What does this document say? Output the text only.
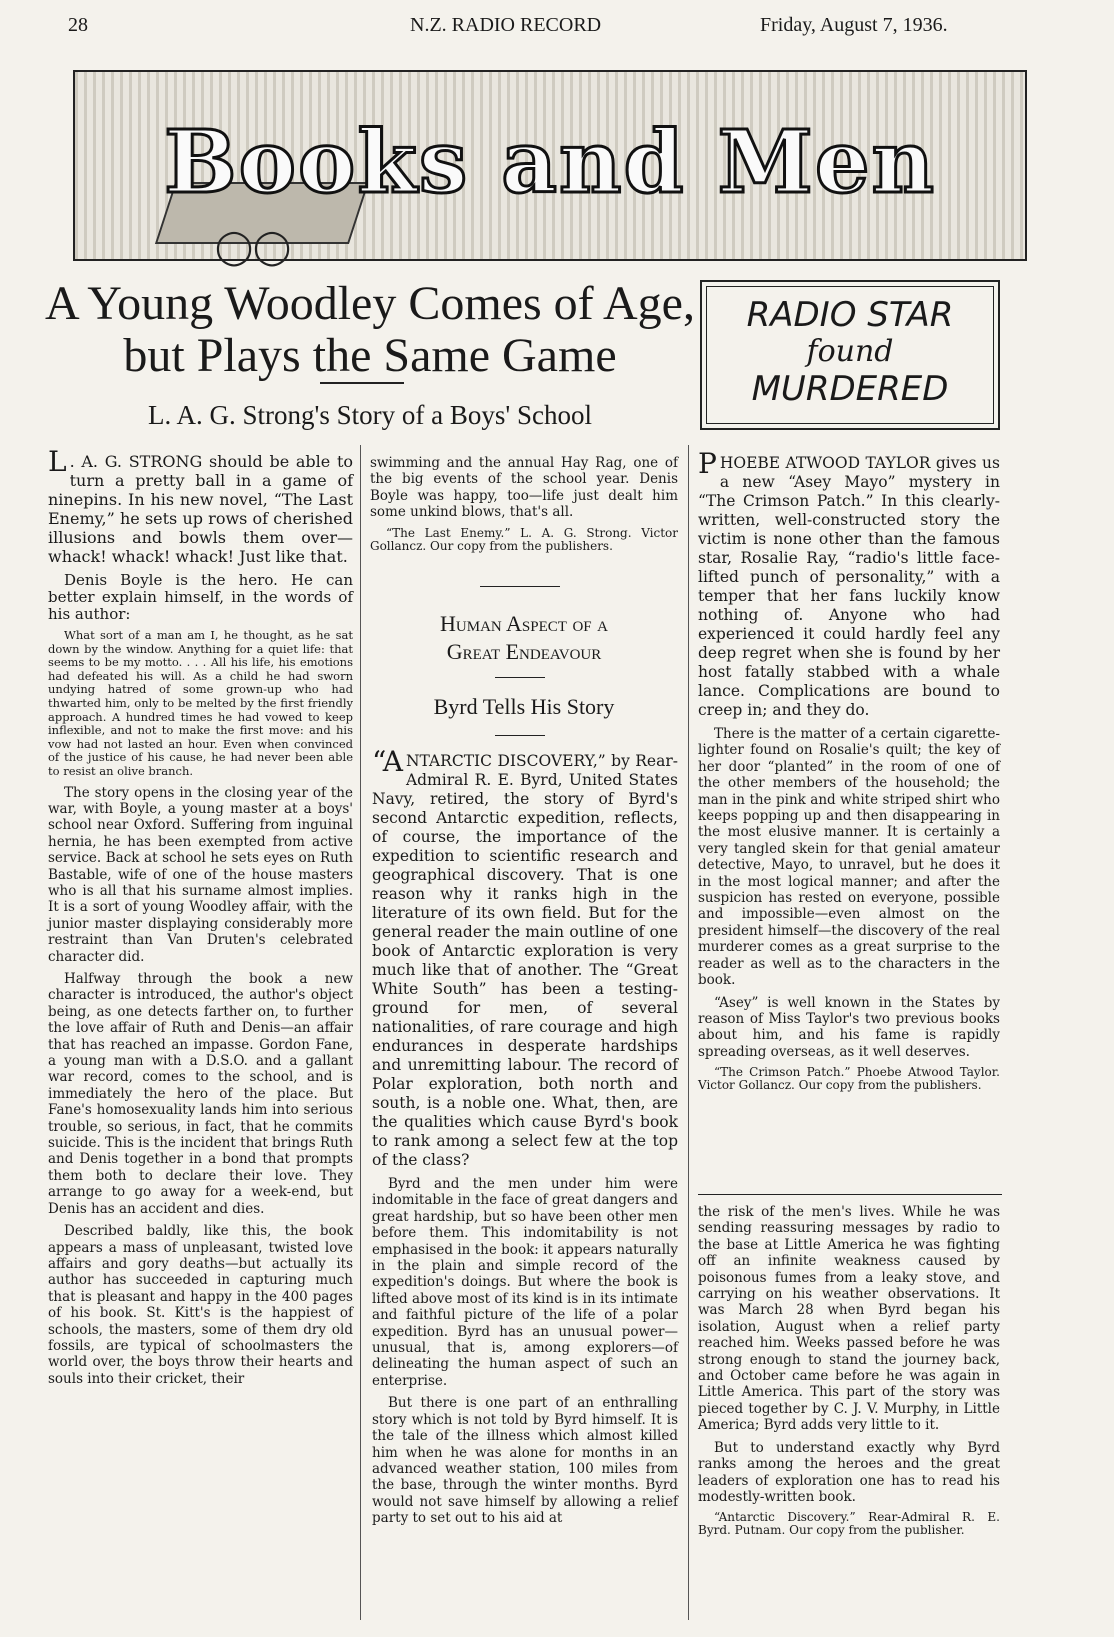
28	N.Z. RADIO RECORD	Friday, August 7, 1936.
◯◯
Books and Men
A Young Woodley Comes of Age,
but Plays the Same Game
L. A. G. Strong's Story of a Boys' School

L . A. G. STRONG should be able to turn a pretty ball in a game of ninepins. In his new novel, “The Last Enemy,” he sets up rows of cherished illusions and bowls them over—whack! whack! whack! Just like that.

Denis Boyle is the hero. He can better explain himself, in the words of his author:

What sort of a man am I, he thought, as he sat down by the window. Anything for a quiet life: that seems to be my motto. . . . All his life, his emotions had defeated his will. As a child he had sworn undying hatred of some grown-up who had thwarted him, only to be melted by the first friendly approach. A hundred times he had vowed to keep inflexible, and not to make the first move: and his vow had not lasted an hour. Even when convinced of the justice of his cause, he had never been able to resist an olive branch.

The story opens in the closing year of the war, with Boyle, a young master at a boys' school near Oxford. Suffering from inguinal hernia, he has been exempted from active service. Back at school he sets eyes on Ruth Bastable, wife of one of the house masters who is all that his surname almost implies. It is a sort of young Woodley affair, with the junior master displaying considerably more restraint than Van Druten's celebrated character did.

Halfway through the book a new character is introduced, the author's object being, as one detects farther on, to further the love affair of Ruth and Denis—an affair that has reached an impasse. Gordon Fane, a young man with a D.S.O. and a gallant war record, comes to the school, and is immediately the hero of the place. But Fane's homosexuality lands him into serious trouble, so serious, in fact, that he commits suicide. This is the incident that brings Ruth and Denis together in a bond that prompts them both to declare their love. They arrange to go away for a week-end, but Denis has an accident and dies.

Described baldly, like this, the book appears a mass of unpleasant, twisted love affairs and gory deaths—but actually its author has succeeded in capturing much that is pleasant and happy in the 400 pages of his book. St. Kitt's is the happiest of schools, the masters, some of them dry old fossils, are typical of schoolmasters the world over, the boys throw their hearts and souls into their cricket, their

swimming and the annual Hay Rag, one of the big events of the school year. Denis Boyle was happy, too—life just dealt him some unkind blows, that's all.

“The Last Enemy.” L. A. G. Strong. Victor Gollancz. Our copy from the publishers.
Human Aspect of a
Great Endeavour
Byrd Tells His Story

“ANTARCTIC DISCOVERY,” by Rear-Admiral R. E. Byrd, United States Navy, retired, the story of Byrd's second Antarctic expedition, reflects, of course, the importance of the expedition to scientific research and geographical discovery. That is one reason why it ranks high in the literature of its own field. But for the general reader the main outline of one book of Antarctic exploration is very much like that of another. The “Great White South” has been a testing-ground for men, of several nationalities, of rare courage and high endurances in desperate hardships and unremitting labour. The record of Polar exploration, both north and south, is a noble one. What, then, are the qualities which cause Byrd's book to rank among a select few at the top of the class?

Byrd and the men under him were indomitable in the face of great dangers and great hardship, but so have been other men before them. This indomitability is not emphasised in the book: it appears naturally in the plain and simple record of the expedition's doings. But where the book is lifted above most of its kind is in its intimate and faithful picture of the life of a polar expedition. Byrd has an unusual power—unusual, that is, among explorers—of delineating the human aspect of such an enterprise.

But there is one part of an enthralling story which is not told by Byrd himself. It is the tale of the illness which almost killed him when he was alone for months in an advanced weather station, 100 miles from the base, through the winter months. Byrd would not save himself by allowing a relief party to set out to his aid at

RADIO STAR
found
MURDERED

PHOEBE ATWOOD TAYLOR gives us a new “Asey Mayo” mystery in “The Crimson Patch.” In this clearly-written, well-constructed story the victim is none other than the famous star, Rosalie Ray, “radio's little face-lifted punch of personality,” with a temper that her fans luckily know nothing of. Anyone who had experienced it could hardly feel any deep regret when she is found by her host fatally stabbed with a whale lance. Complications are bound to creep in; and they do.

There is the matter of a certain cigarette-lighter found on Rosalie's quilt; the key of her door “planted” in the room of one of the other members of the household; the man in the pink and white striped shirt who keeps popping up and then disappearing in the most elusive manner. It is certainly a very tangled skein for that genial amateur detective, Mayo, to unravel, but he does it in the most logical manner; and after the suspicion has rested on everyone, possible and impossible—even almost on the president himself—the discovery of the real murderer comes as a great surprise to the reader as well as to the characters in the book.

“Asey” is well known in the States by reason of Miss Taylor's two previous books about him, and his fame is rapidly spreading overseas, as it well deserves.

“The Crimson Patch.” Phoebe Atwood Taylor. Victor Gollancz. Our copy from the publishers.

the risk of the men's lives. While he was sending reassuring messages by radio to the base at Little America he was fighting off an infinite weakness caused by poisonous fumes from a leaky stove, and carrying on his weather observations. It was March 28 when Byrd began his isolation, August when a relief party reached him. Weeks passed before he was strong enough to stand the journey back, and October came before he was again in Little America. This part of the story was pieced together by C. J. V. Murphy, in Little America; Byrd adds very little to it.

But to understand exactly why Byrd ranks among the heroes and the great leaders of exploration one has to read his modestly-written book.

“Antarctic Discovery.” Rear-Admiral R. E. Byrd. Putnam. Our copy from the publisher.
